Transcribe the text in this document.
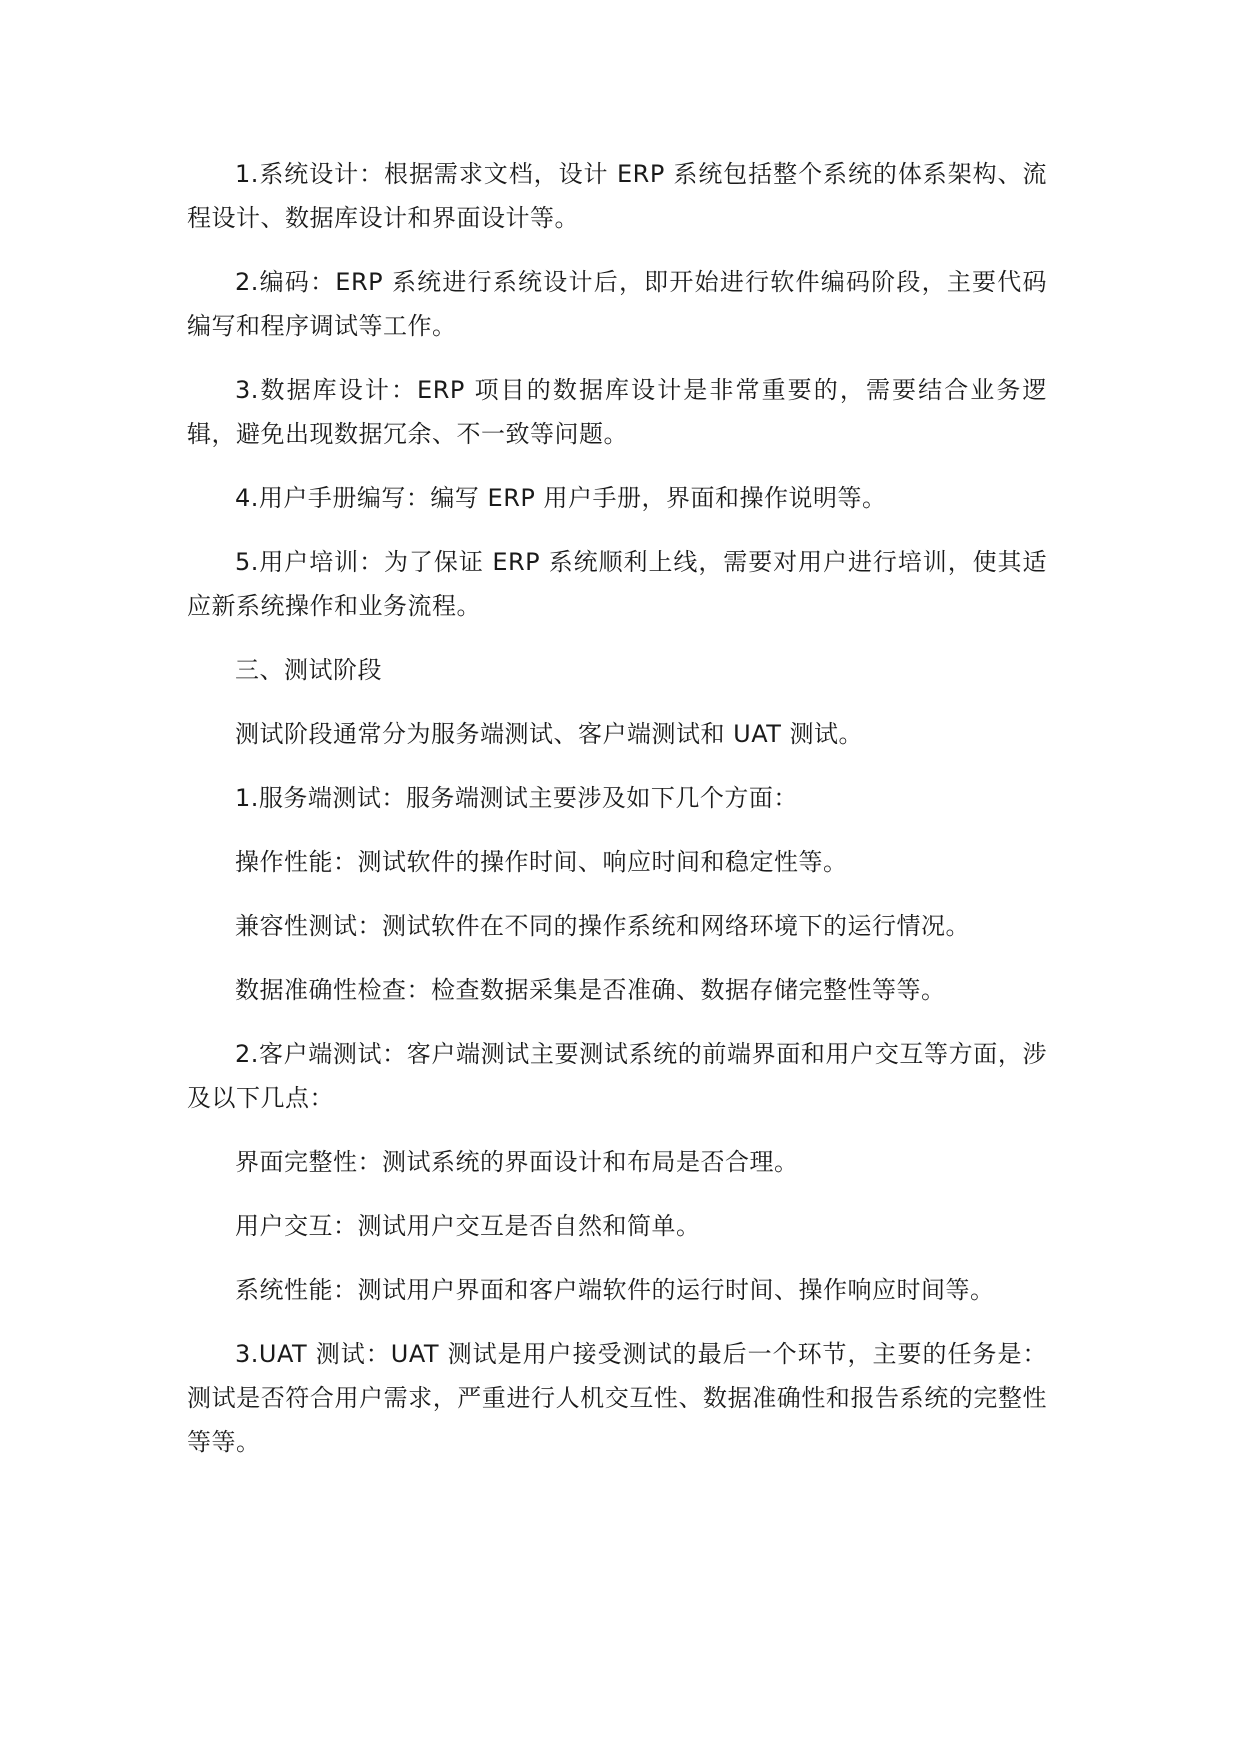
1.系统设计：根据需求文档，设计 ERP 系统包括整个系统的体系架构、流程设计、数据库设计和界面设计等。

2.编码：ERP 系统进行系统设计后，即开始进行软件编码阶段，主要代码编写和程序调试等工作。

3.数据库设计：ERP 项目的数据库设计是非常重要的，需要结合业务逻辑，避免出现数据冗余、不一致等问题。

4.用户手册编写：编写 ERP 用户手册，界面和操作说明等。

5.用户培训：为了保证 ERP 系统顺利上线，需要对用户进行培训，使其适应新系统操作和业务流程。

三、测试阶段

测试阶段通常分为服务端测试、客户端测试和 UAT 测试。

1.服务端测试：服务端测试主要涉及如下几个方面：

操作性能：测试软件的操作时间、响应时间和稳定性等。

兼容性测试：测试软件在不同的操作系统和网络环境下的运行情况。

数据准确性检查：检查数据采集是否准确、数据存储完整性等等。

2.客户端测试：客户端测试主要测试系统的前端界面和用户交互等方面，涉及以下几点：

界面完整性：测试系统的界面设计和布局是否合理。

用户交互：测试用户交互是否自然和简单。

系统性能：测试用户界面和客户端软件的运行时间、操作响应时间等。

3.UAT 测试：UAT 测试是用户接受测试的最后一个环节，主要的任务是：测试是否符合用户需求，严重进行人机交互性、数据准确性和报告系统的完整性等等。
